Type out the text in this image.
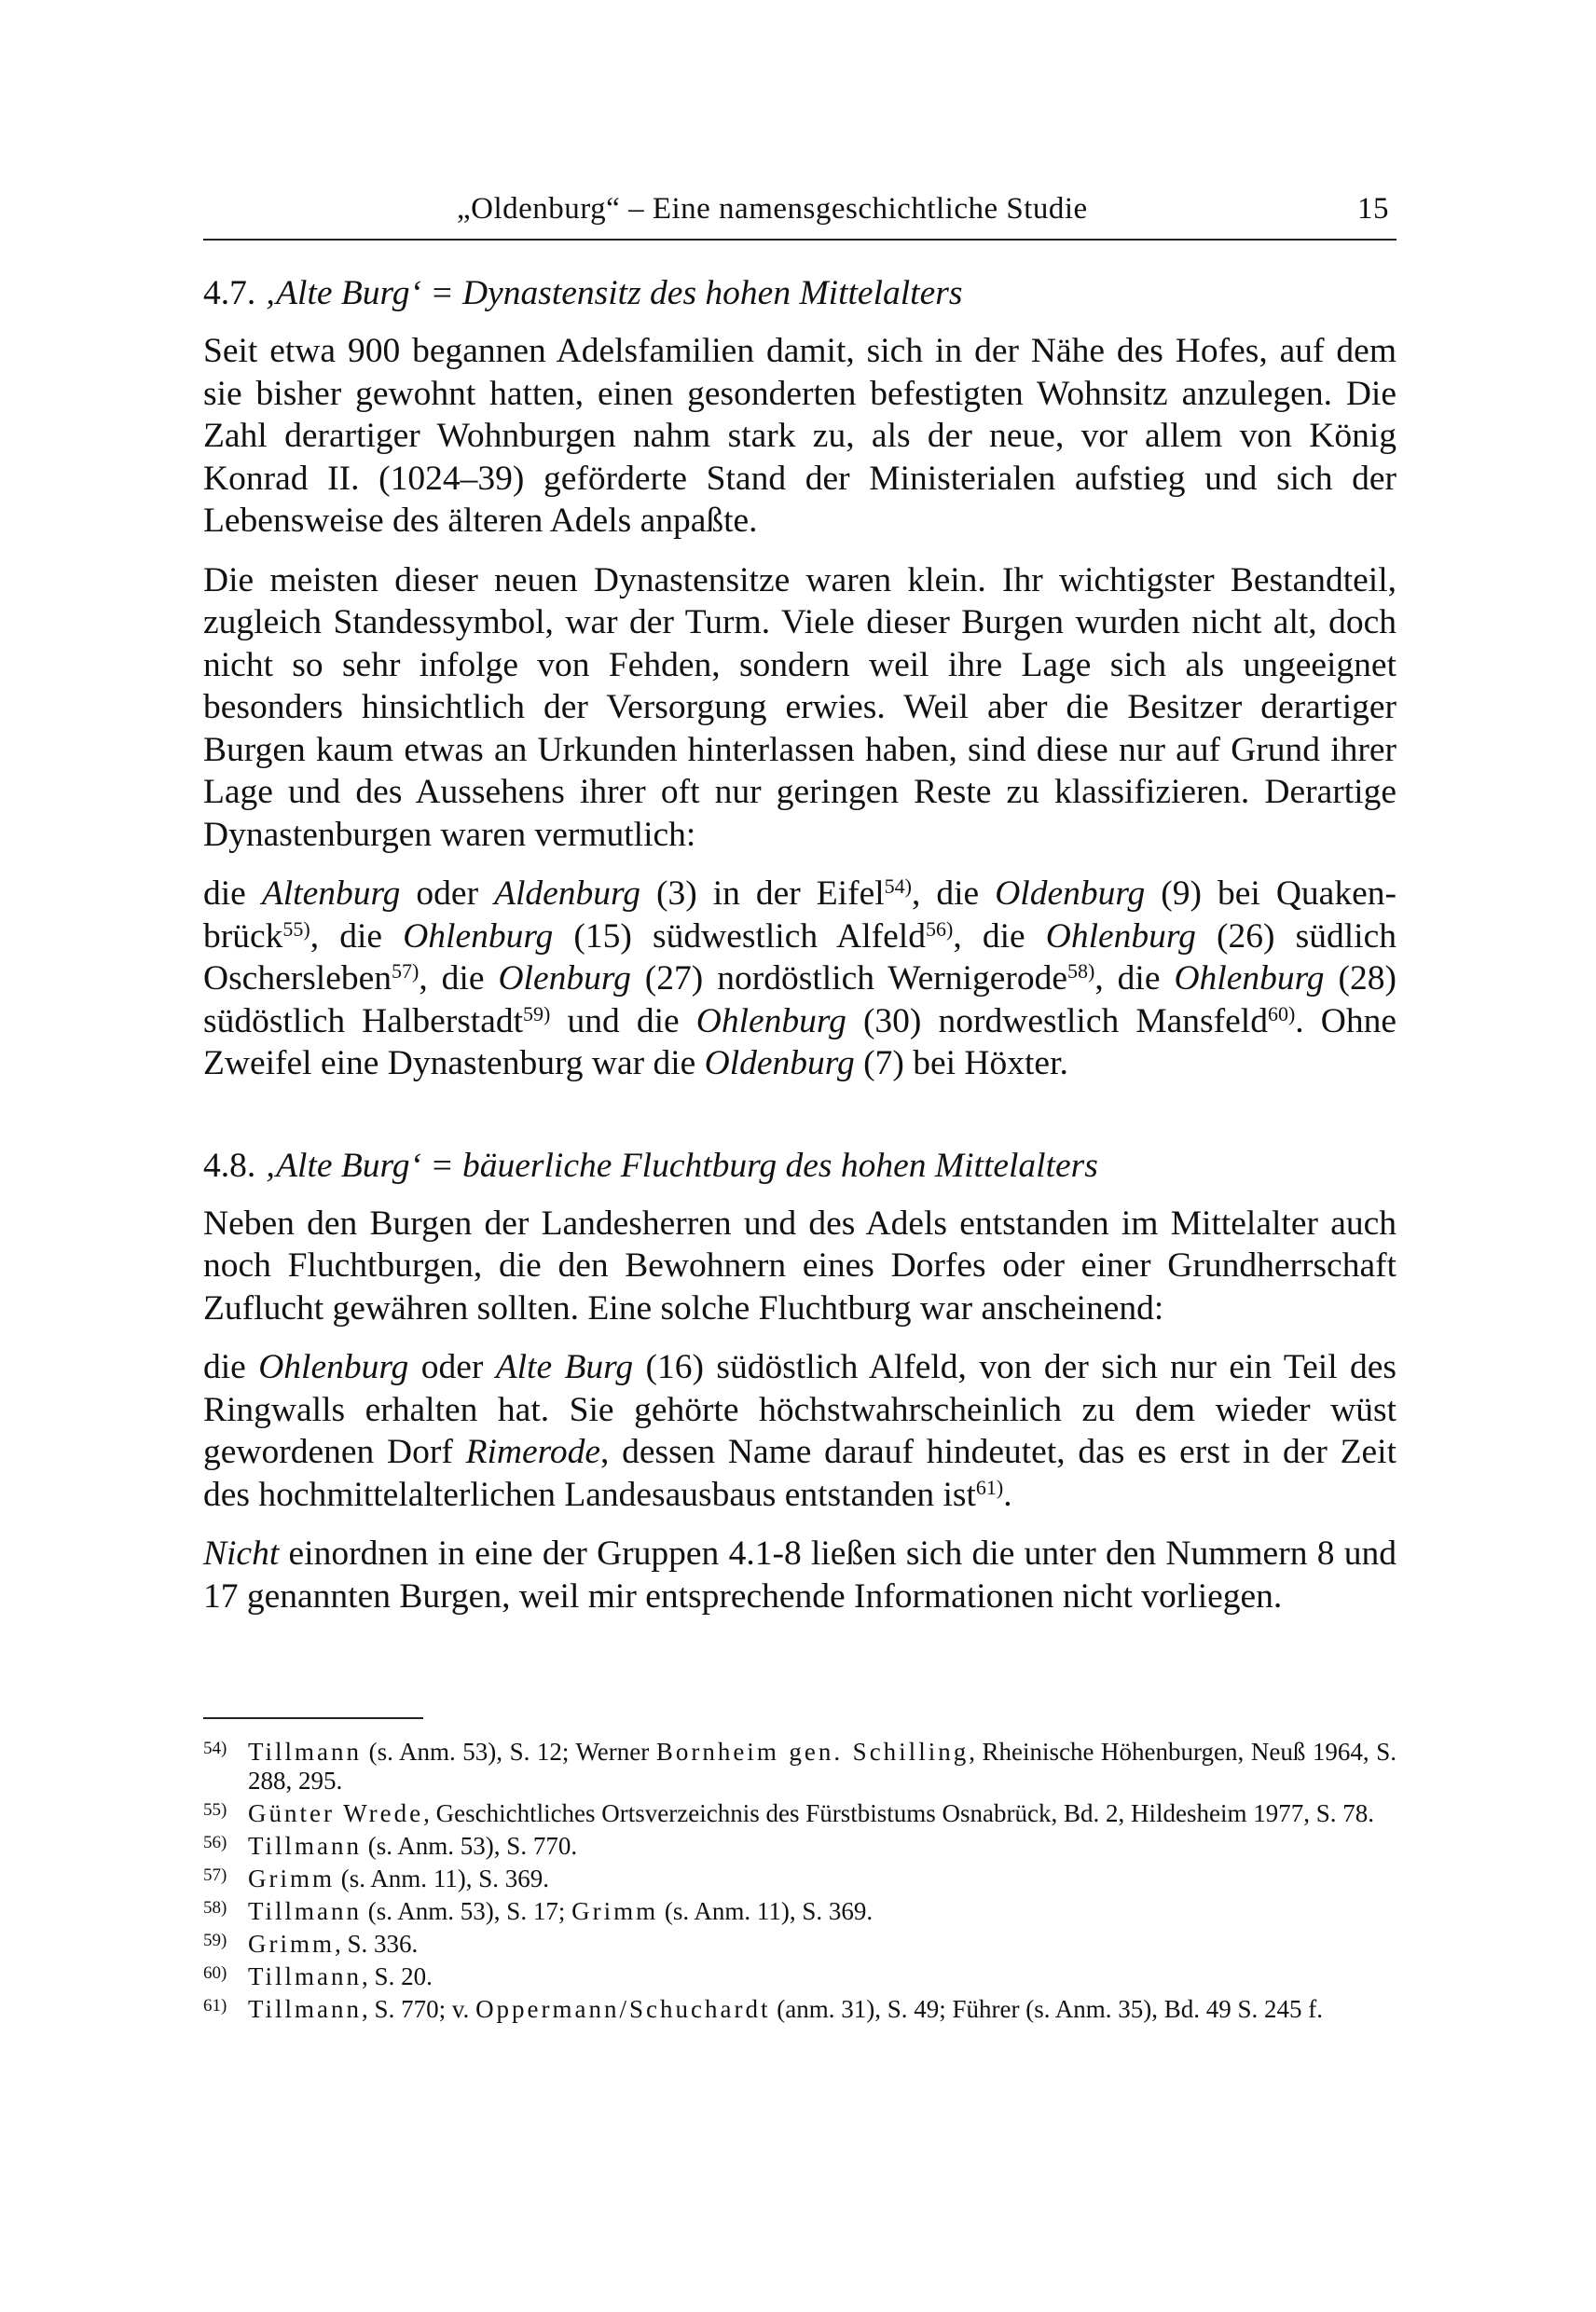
„Oldenburg“ – Eine namensgeschichtliche Studie	15
4.7. ‚Alte Burg‘ = Dynastensitz des hohen Mittelalters

Seit etwa 900 begannen Adelsfamilien damit, sich in der Nähe des Hofes, auf dem sie bisher gewohnt hatten, einen gesonderten befestigten Wohnsitz anzulegen. Die Zahl derartiger Wohnburgen nahm stark zu, als der neue, vor allem von König Konrad II. (1024–39) geförderte Stand der Ministerialen aufstieg und sich der Lebensweise des älteren Adels anpaßte.

Die meisten dieser neuen Dynastensitze waren klein. Ihr wichtigster Bestandteil, zugleich Standessymbol, war der Turm. Viele dieser Burgen wurden nicht alt, doch nicht so sehr infolge von Fehden, sondern weil ihre Lage sich als ungeeignet besonders hinsichtlich der Versorgung erwies. Weil aber die Besitzer derartiger Burgen kaum etwas an Urkunden hinterlassen haben, sind diese nur auf Grund ihrer Lage und des Aussehens ihrer oft nur geringen Reste zu klassifizieren. Derartige Dynastenburgen waren vermutlich:

die Altenburg oder Aldenburg (3) in der Eifel$^{54)}$, die Oldenburg (9) bei Quakenbrück$^{55)}$, die Ohlenburg (15) südwestlich Alfeld$^{56)}$, die Ohlenburg (26) südlich Oschersleben$^{57)}$, die Olenburg (27) nordöstlich Wernigerode$^{58)}$, die Ohlenburg (28) südöstlich Halberstadt$^{59)}$ und die Ohlenburg (30) nordwestlich Mansfeld$^{60)}$. Ohne Zweifel eine Dynastenburg war die Oldenburg (7) bei Höxter.

4.8. ‚Alte Burg‘ = bäuerliche Fluchtburg des hohen Mittelalters

Neben den Burgen der Landesherren und des Adels entstanden im Mittelalter auch noch Fluchtburgen, die den Bewohnern eines Dorfes oder einer Grundherrschaft Zuflucht gewähren sollten. Eine solche Fluchtburg war anscheinend:

die Ohlenburg oder Alte Burg (16) südöstlich Alfeld, von der sich nur ein Teil des Ringwalls erhalten hat. Sie gehörte höchstwahrscheinlich zu dem wieder wüst gewordenen Dorf Rimerode, dessen Name darauf hindeutet, das es erst in der Zeit des hochmittelalterlichen Landesausbaus entstanden ist$^{61)}$.

Nicht einordnen in eine der Gruppen 4.1-8 ließen sich die unter den Nummern 8 und 17 genannten Burgen, weil mir entsprechende Informationen nicht vorliegen.

54) Tillmann (s. Anm. 53), S. 12; Werner Bornheim gen. Schilling, Rheinische Höhenburgen, Neuß 1964, S. 288, 295.
55) Günter Wrede, Geschichtliches Ortsverzeichnis des Fürstbistums Osnabrück, Bd. 2, Hildesheim 1977, S. 78.
56) Tillmann (s. Anm. 53), S. 770.
57) Grimm (s. Anm. 11), S. 369.
58) Tillmann (s. Anm. 53), S. 17; Grimm (s. Anm. 11), S. 369.
59) Grimm, S. 336.
60) Tillmann, S. 20.
61) Tillmann, S. 770; v. Oppermann/Schuchardt (anm. 31), S. 49; Führer (s. Anm. 35), Bd. 49 S. 245 f.
